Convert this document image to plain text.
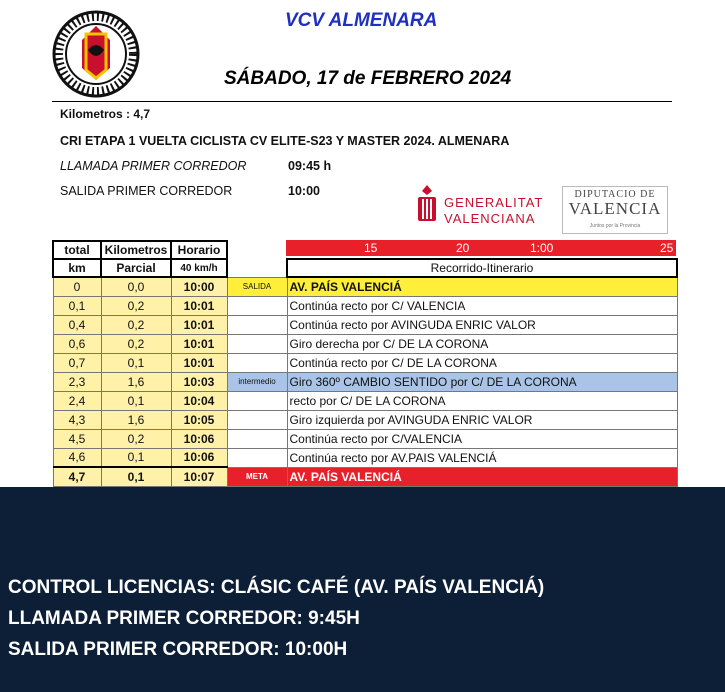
VCV ALMENARA
SÁBADO, 17 de FEBRERO 2024
Kilometros : 4,7
CRI ETAPA 1 VUELTA CICLISTA CV ELITE-S23 Y MASTER 2024. ALMENARA
LLAMADA PRIMER CORREDOR	09:45 h
SALIDA PRIMER CORREDOR	10:00
GENERALITAT
VALENCIANA
DIPUTACIO DE
VALENCIA
Juntos por la Provincia
15	20	1:00	25
total	Kilometros	Horario		
km	Parcial	40 km/h		Recorrido-Itinerario
0	0,0	10:00	SALIDA	AV. PAÍS VALENCIÁ
0,1	0,2	10:01		Continúa recto por C/ VALENCIA
0,4	0,2	10:01		Continúa recto por AVINGUDA ENRIC VALOR
0,6	0,2	10:01		Giro derecha por C/ DE LA CORONA
0,7	0,1	10:01		Continúa recto por C/ DE LA CORONA
2,3	1,6	10:03	intermedio	Giro 360º CAMBIO SENTIDO por C/ DE LA CORONA
2,4	0,1	10:04		recto por C/ DE LA CORONA
4,3	1,6	10:05		Giro izquierda por AVINGUDA ENRIC VALOR
4,5	0,2	10:06		Continúa recto por C/VALENCIA
4,6	0,1	10:06		Continúa recto por AV.PAIS VALENCIÁ
4,7	0,1	10:07	META	AV. PAÍS VALENCIÁ
CONTROL LICENCIAS: CLÁSIC CAFÉ (AV. PAÍS VALENCIÁ)
LLAMADA PRIMER CORREDOR: 9:45H
SALIDA PRIMER CORREDOR: 10:00H
